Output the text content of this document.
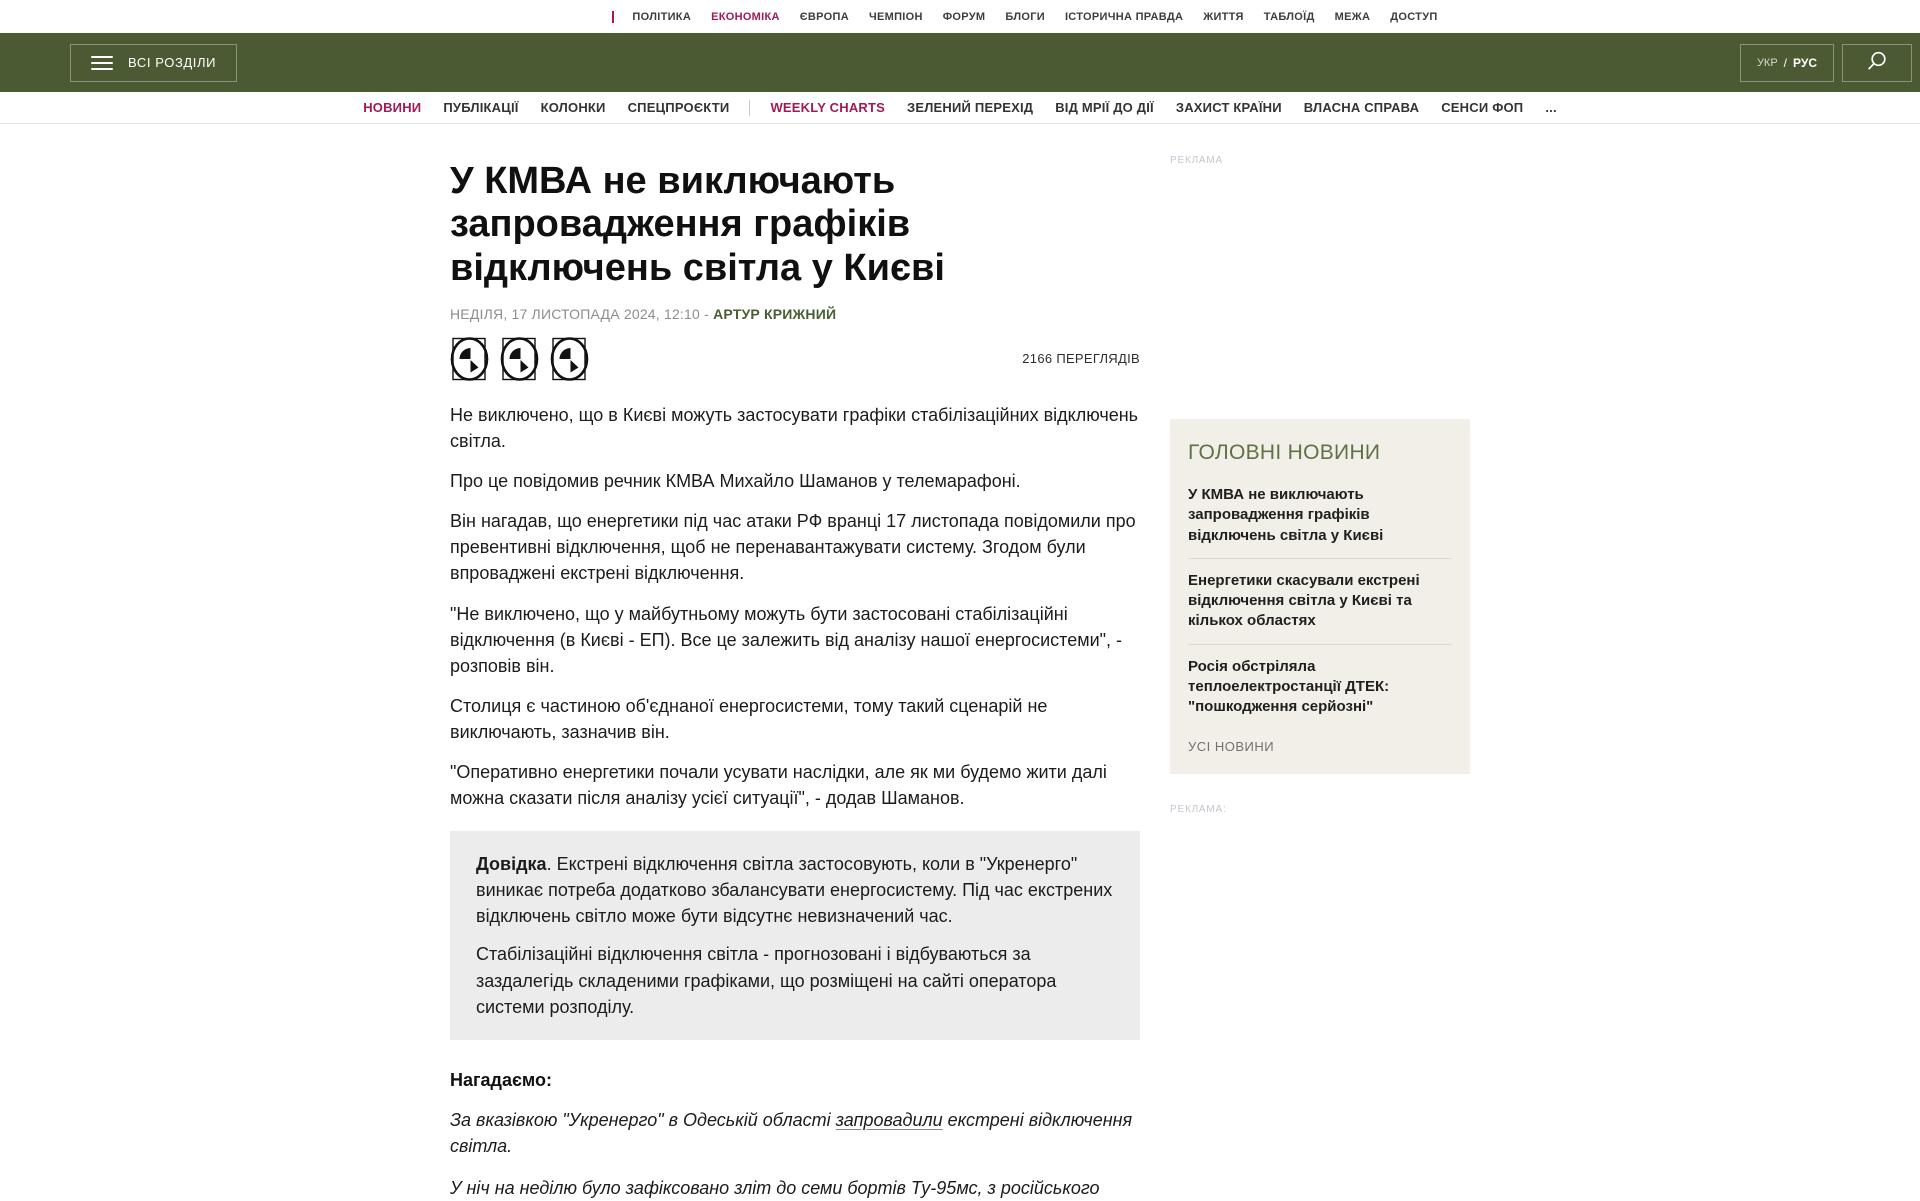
ПОЛІТИКА	ЕКОНОМІКА	ЄВРОПА	ЧЕМПІОН	ФОРУМ	БЛОГИ	ІСТОРИЧНА ПРАВДА	ЖИТТЯ	ТАБЛОЇД	МЕЖА	ДОСТУП
ВСІ РОЗДІЛИ	УКР / РУС
НОВИНИ	ПУБЛІКАЦІЇ	КОЛОНКИ	СПЕЦПРОЄКТИ	WEEKLY CHARTS	ЗЕЛЕНИЙ ПЕРЕХІД	ВІД МРІЇ ДО ДІЇ	ЗАХИСТ КРАЇНИ	ВЛАСНА СПРАВА	СЕНСИ ФОП	...
У КМВА не виключають
запровадження графіків
відключень світла у Києві
НЕДІЛЯ, 17 ЛИСТОПАДА 2024, 12:10 - АРТУР КРИЖНИЙ
2166 ПЕРЕГЛЯДІВ

Не виключено, що в Києві можуть застосувати графіки стабілізаційних відключень світла.

Про це повідомив речник КМВА Михайло Шаманов у телемарафоні.

Він нагадав, що енергетики під час атаки РФ вранці 17 листопада повідомили про превентивні відключення, щоб не перенавантажувати систему. Згодом були впроваджені екстрені відключення.

"Не виключено, що у майбутньому можуть бути застосовані стабілізаційні відключення (в Києві - ЕП). Все це залежить від аналізу нашої енергосистеми", - розповів він.

Столиця є частиною об'єднаної енергосистеми, тому такий сценарій не виключають, зазначив він.

"Оперативно енергетики почали усувати наслідки, але як ми будемо жити далі можна сказати після аналізу усієї ситуації", - додав Шаманов.

Довідка. Екстрені відключення світла застосовують, коли в "Укренерго" виникає потреба додатково збалансувати енергосистему. Під час екстрених відключень світло може бути відсутнє невизначений час.

Стабілізаційні відключення світла - прогнозовані і відбуваються за заздалегідь складеними графіками, що розміщені на сайті оператора системи розподілу.

Нагадаємо:

За вказівкою "Укренерго" в Одеській області запровадили екстрені відключення світла.

У ніч на неділю було зафіксовано зліт до семи бортів Ту-95мс, з російського

РЕКЛАМА
ГОЛОВНІ НОВИНИ
У КМВА не виключають запровадження графіків відключень світла у Києві
Енергетики скасували екстрені відключення світла у Києві та кількох областях
Росія обстріляла теплоелектростанції ДТЕК: "пошкодження серйозні"
УСІ НОВИНИ
РЕКЛАМА:
